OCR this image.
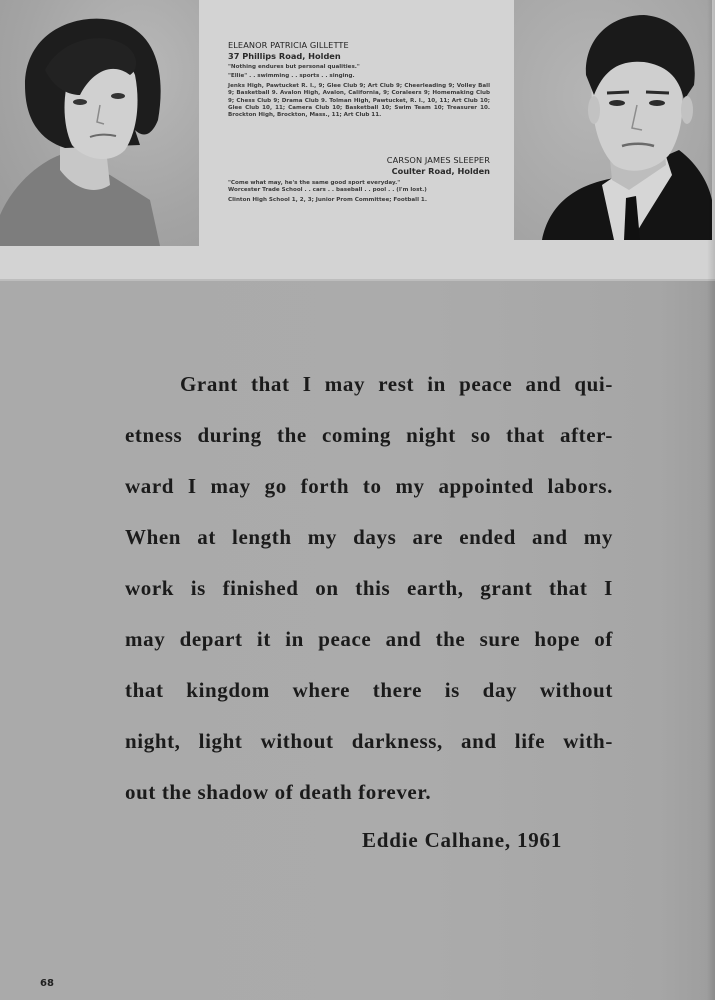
ELEANOR PATRICIA GILLETTE
37 Phillips Road, Holden
"Nothing endures but personal qualities."
"Ellie" . . swimming . . sports . . singing.
Jenks High, Pawtucket R. I., 9; Glee Club 9; Art Club 9; Cheerleading 9; Volley Ball 9; Basketball 9. Avalon High, Avalon, California, 9; Coraleers 9; Homemaking Club 9; Chess Club 9; Drama Club 9. Tolman High, Pawtucket, R. I., 10, 11; Art Club 10; Glee Club 10, 11; Camera Club 10; Basketball 10; Swim Team 10; Treasurer 10. Brockton High, Brockton, Mass., 11; Art Club 11.
CARSON JAMES SLEEPER
Coulter Road, Holden
"Come what may, he's the same good sport everyday."
Worcester Trade School . . cars . . baseball . . pool . . (I'm lost.)
Clinton High School 1, 2, 3; Junior Prom Committee; Football 1.
Grant that I may rest in peace and qui-
etness during the coming night so that after-
ward I may go forth to my appointed labors.
When at length my days are ended and my
work is finished on this earth, grant that I
may depart it in peace and the sure hope of
that kingdom where there is day without
night, light without darkness, and life with-
out the shadow of death forever.
Eddie Calhane, 1961
68
